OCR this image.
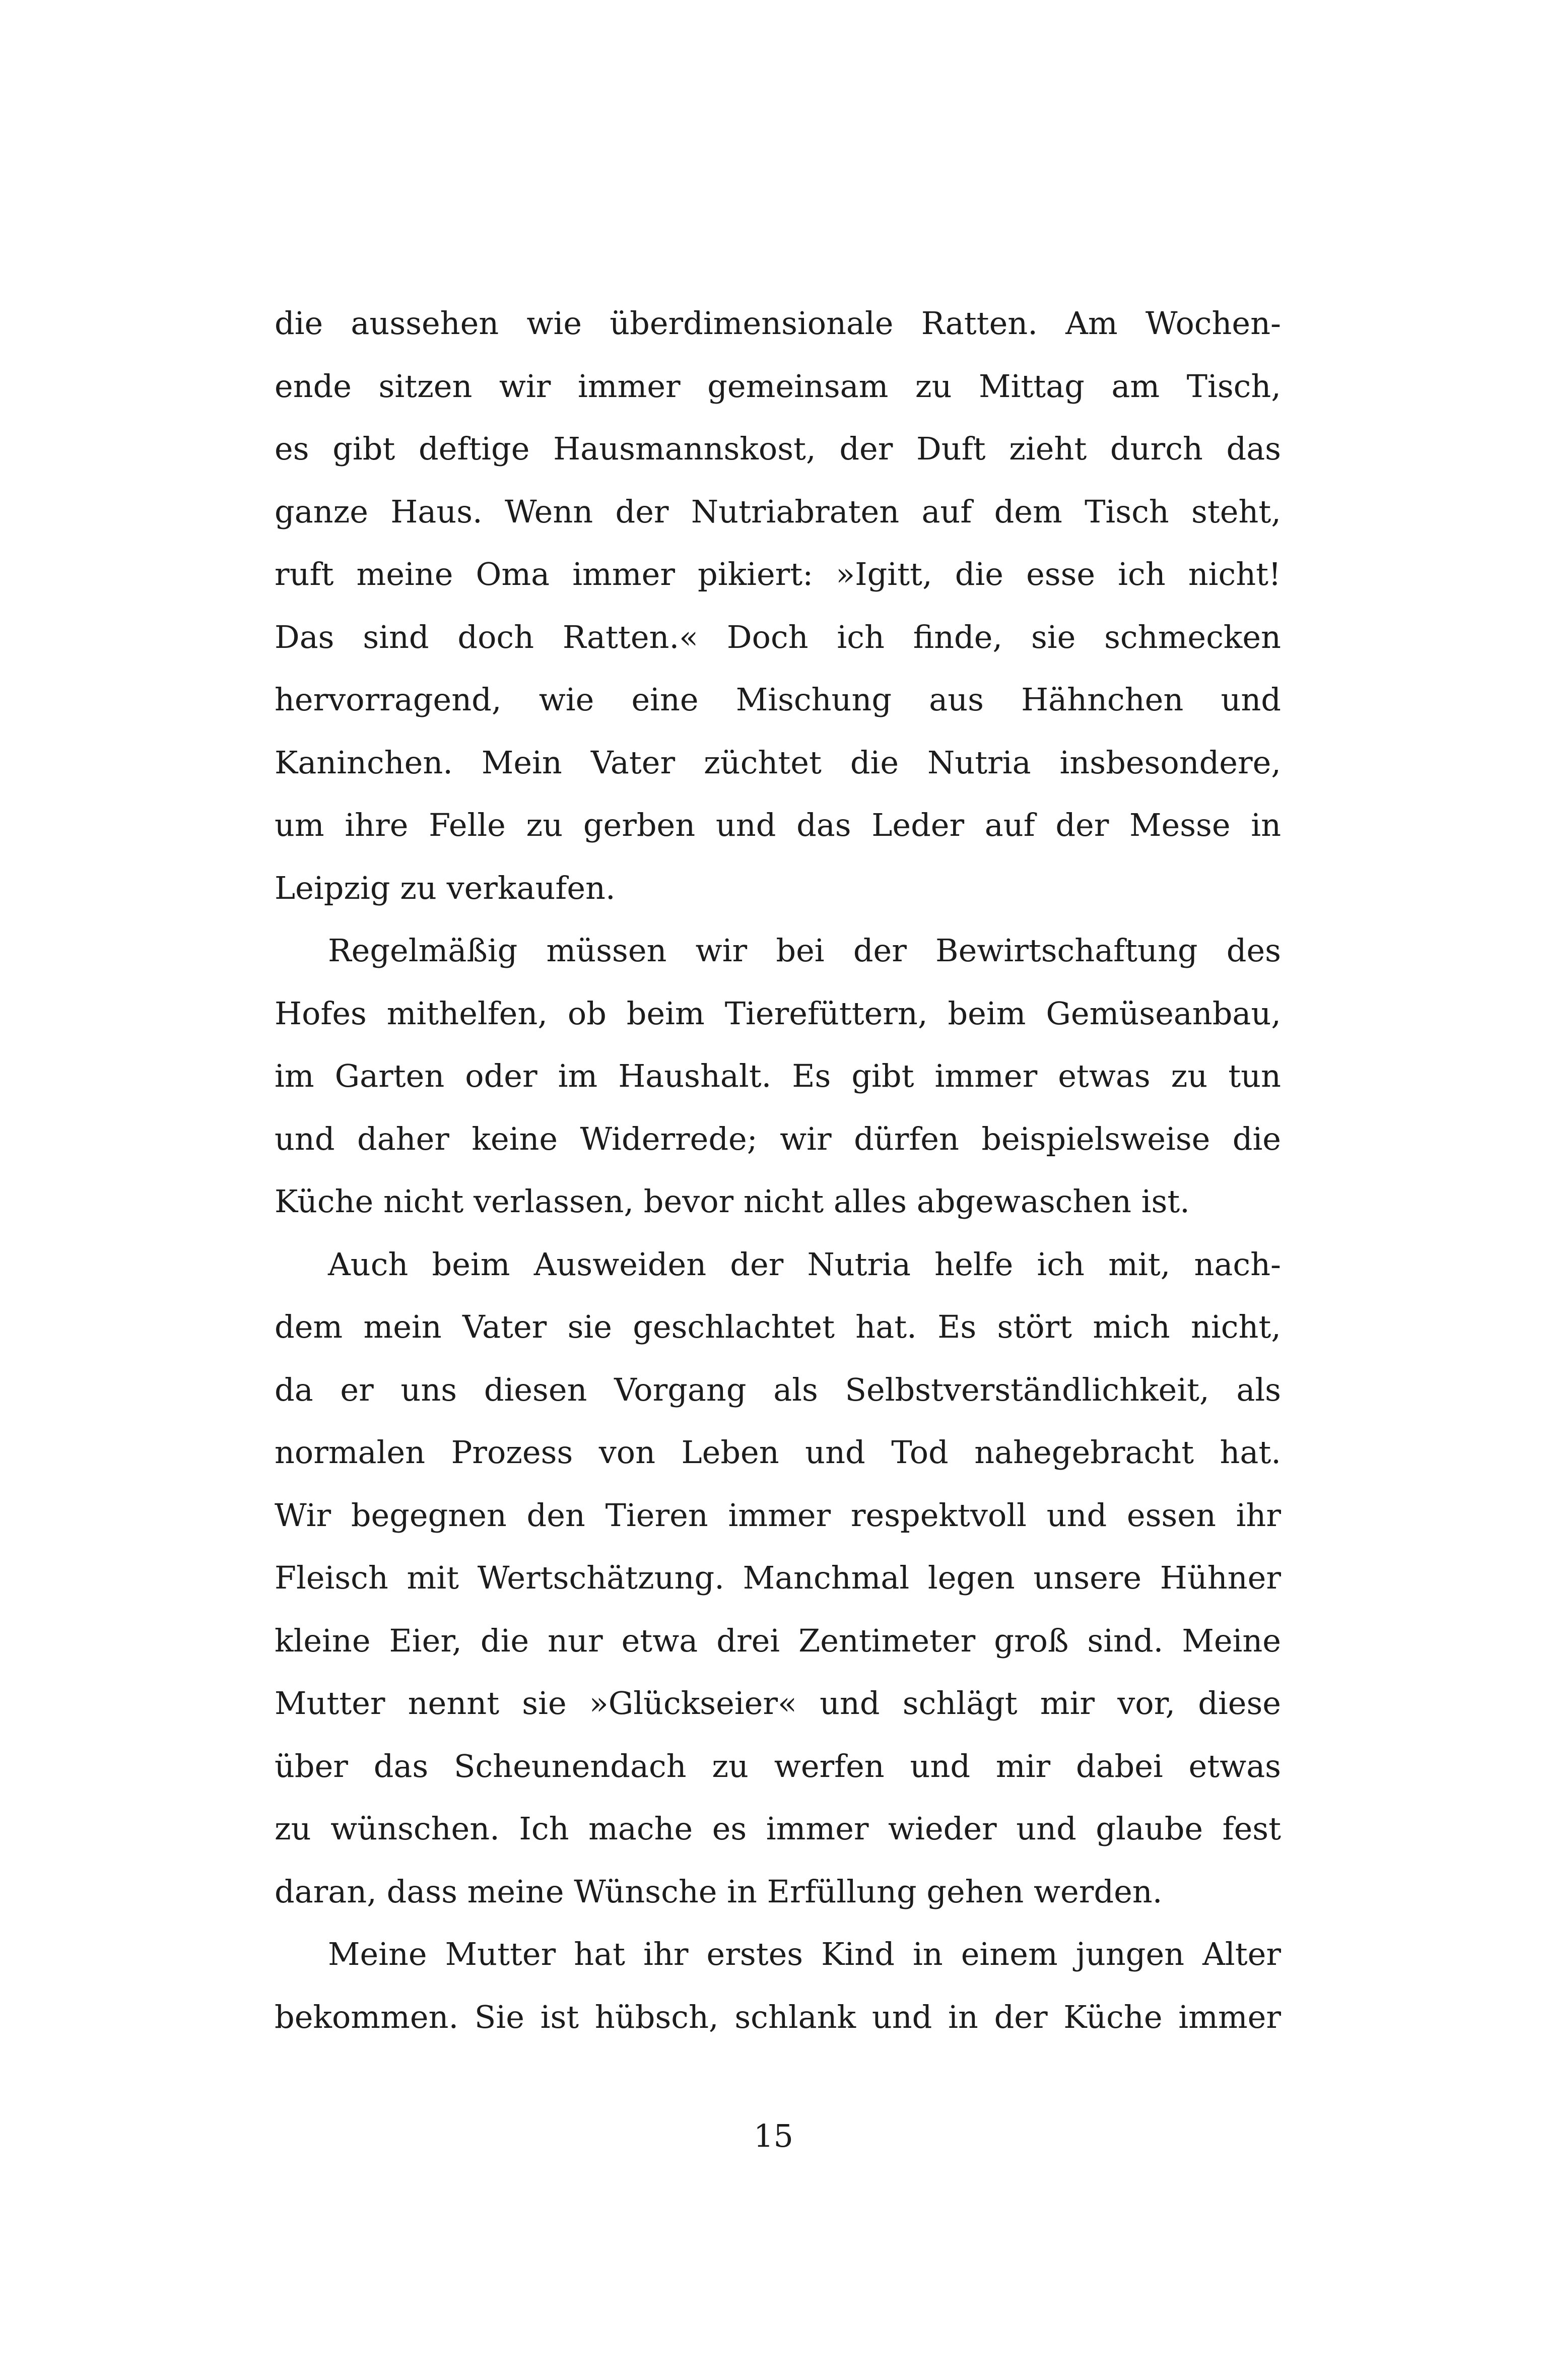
die aussehen wie überdimensionale Ratten. Am Wochen-
ende sitzen wir immer gemeinsam zu Mittag am Tisch,
es gibt deftige Hausmannskost, der Duft zieht durch das
ganze Haus. Wenn der Nutriabraten auf dem Tisch steht,
ruft meine Oma immer pikiert: »Igitt, die esse ich nicht!
Das sind doch Ratten.« Doch ich finde, sie schmecken
hervorragend, wie eine Mischung aus Hähnchen und
Kaninchen. Mein Vater züchtet die Nutria insbesondere,
um ihre Felle zu gerben und das Leder auf der Messe in
Leipzig zu verkaufen.
Regelmäßig müssen wir bei der Bewirtschaftung des
Hofes mithelfen, ob beim Tierefüttern, beim Gemüseanbau,
im Garten oder im Haushalt. Es gibt immer etwas zu tun
und daher keine Widerrede; wir dürfen beispielsweise die
Küche nicht verlassen, bevor nicht alles abgewaschen ist.
Auch beim Ausweiden der Nutria helfe ich mit, nach-
dem mein Vater sie geschlachtet hat. Es stört mich nicht,
da er uns diesen Vorgang als Selbstverständlichkeit, als
normalen Prozess von Leben und Tod nahegebracht hat.
Wir begegnen den Tieren immer respektvoll und essen ihr
Fleisch mit Wertschätzung. Manchmal legen unsere Hühner
kleine Eier, die nur etwa drei Zentimeter groß sind. Meine
Mutter nennt sie »Glückseier« und schlägt mir vor, diese
über das Scheunendach zu werfen und mir dabei etwas
zu wünschen. Ich mache es immer wieder und glaube fest
daran, dass meine Wünsche in Erfüllung gehen werden.
Meine Mutter hat ihr erstes Kind in einem jungen Alter
bekommen. Sie ist hübsch, schlank und in der Küche immer
15
